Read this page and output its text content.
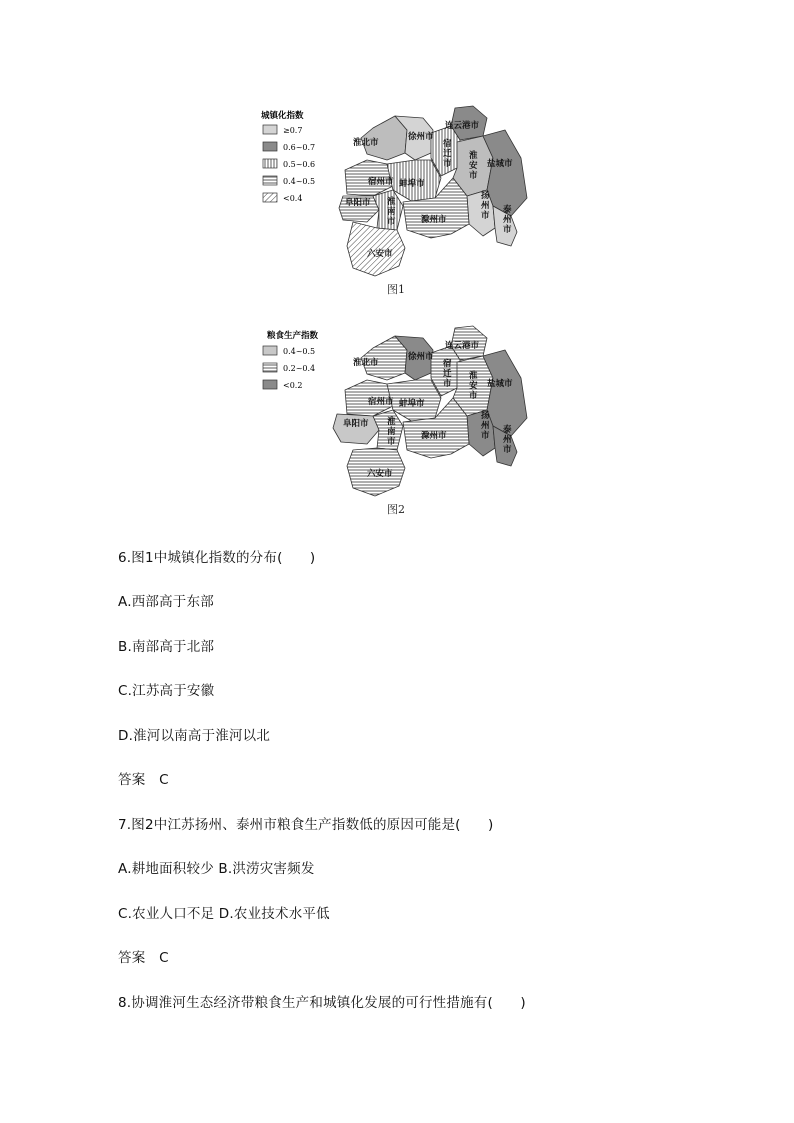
城镇化指数
≥0.7
0.6~0.7
0.5~0.6
0.4~0.5
<0.4
淮北市
徐州市
连云港市
盐城市
宿州市 蚌埠市
阜阳市
滁州市
六安市
宿迁市
淮安市
扬州市
泰州市
淮南市
图1
粮食生产指数
0.4~0.5
0.2~0.4
<0.2
淮北市
徐州市
连云港市
盐城市
宿州市 蚌埠市
阜阳市
滁州市
六安市
宿迁市
淮安市
扬州市
泰州市
淮南市
图2
6.图1中城镇化指数的分布(　　)
A.西部高于东部
B.南部高于北部
C.江苏高于安徽
D.淮河以南高于淮河以北
答案　C
7.图2中江苏扬州、泰州市粮食生产指数低的原因可能是(　　)
A.耕地面积较少 B.洪涝灾害频发
C.农业人口不足 D.农业技术水平低
答案　C
8.协调淮河生态经济带粮食生产和城镇化发展的可行性措施有(　　)
